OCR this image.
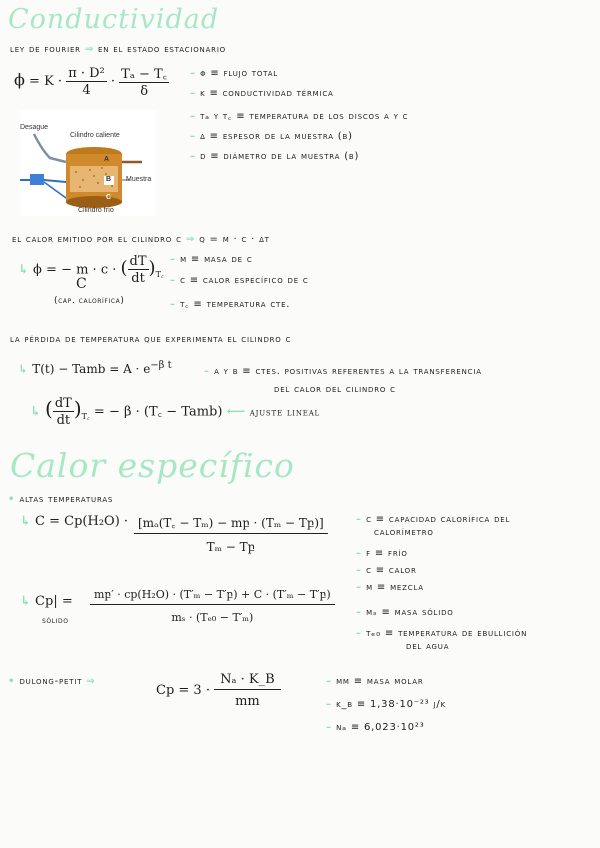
Conductividad
ley de fourier ⇒ en el estado estacionario
$\phi = K \cdot \frac{\text{π · D²}}{4} \cdot \frac{\text{Tₐ − T꜀}}{\delta} - \phi$ ≡ flujo total
– k ≡ conductividad térmica
– tₐ y t꜀ ≡ temperatura de los discos a y c
– δ ≡ espesor de la muestra (b)
– d ≡ diámetro de la muestra (b)
Desague
Cilindro caliente
A
B
C
Muestra
Cilindro frío
el calor emitido por el cilindro c ⇒ q = m · c · δt
↳ ϕ = − m · c · ( $\frac{dT}{dt} )_{T꜀}$
C
(cap. calorífica)
– m ≡ masa de c
– c ≡ calor específico de c
– t꜀ ≡ temperatura cte.
la pérdida de temperatura que experimenta el cilindro c
↳ T(t) − Tamb = $A \cdot e^{-\beta t}$
– a y β ≡ ctes. positivas referentes a la transferencia
del calor del cilindro c
↳ ( $\frac{dT}{dt} )_{T꜀}$ = − β · (T꜀ − Tamb) ⟵ ajuste lineal
Calor específico
• altas temperaturas
↳ $C = Cp(H_2O) \cdot \frac{\text{[mₐ(T꜀ − Tₘ) − mբ · (Tₘ − Tբ)]}}{\text{Tₘ − Tբ}}$	– c ≡ capacidad calorífica del
calorímetro
– f ≡ frío
– c ≡ calor
– m ≡ mezcla
– mₛ ≡ masa sólido
– tₑ₀ ≡ temperatura de ebullición
del agua
↳ Cp| =
sólido $\frac{\text{mբ′ · cp(H₂O) · (T′ₘ − T′բ) + C · (T′ₘ − T′բ)}}{\text{mₛ · (Tₑ₀ − T′ₘ)}}$
• dulong-petit ⇒
$Cp = 3 \cdot \frac{\text{Nₐ · K\_B}}{mm}$	– mm ≡ masa molar
– k_b ≡ 1,38·10⁻²³ j/k
– nₐ ≡ 6,023·10²³
